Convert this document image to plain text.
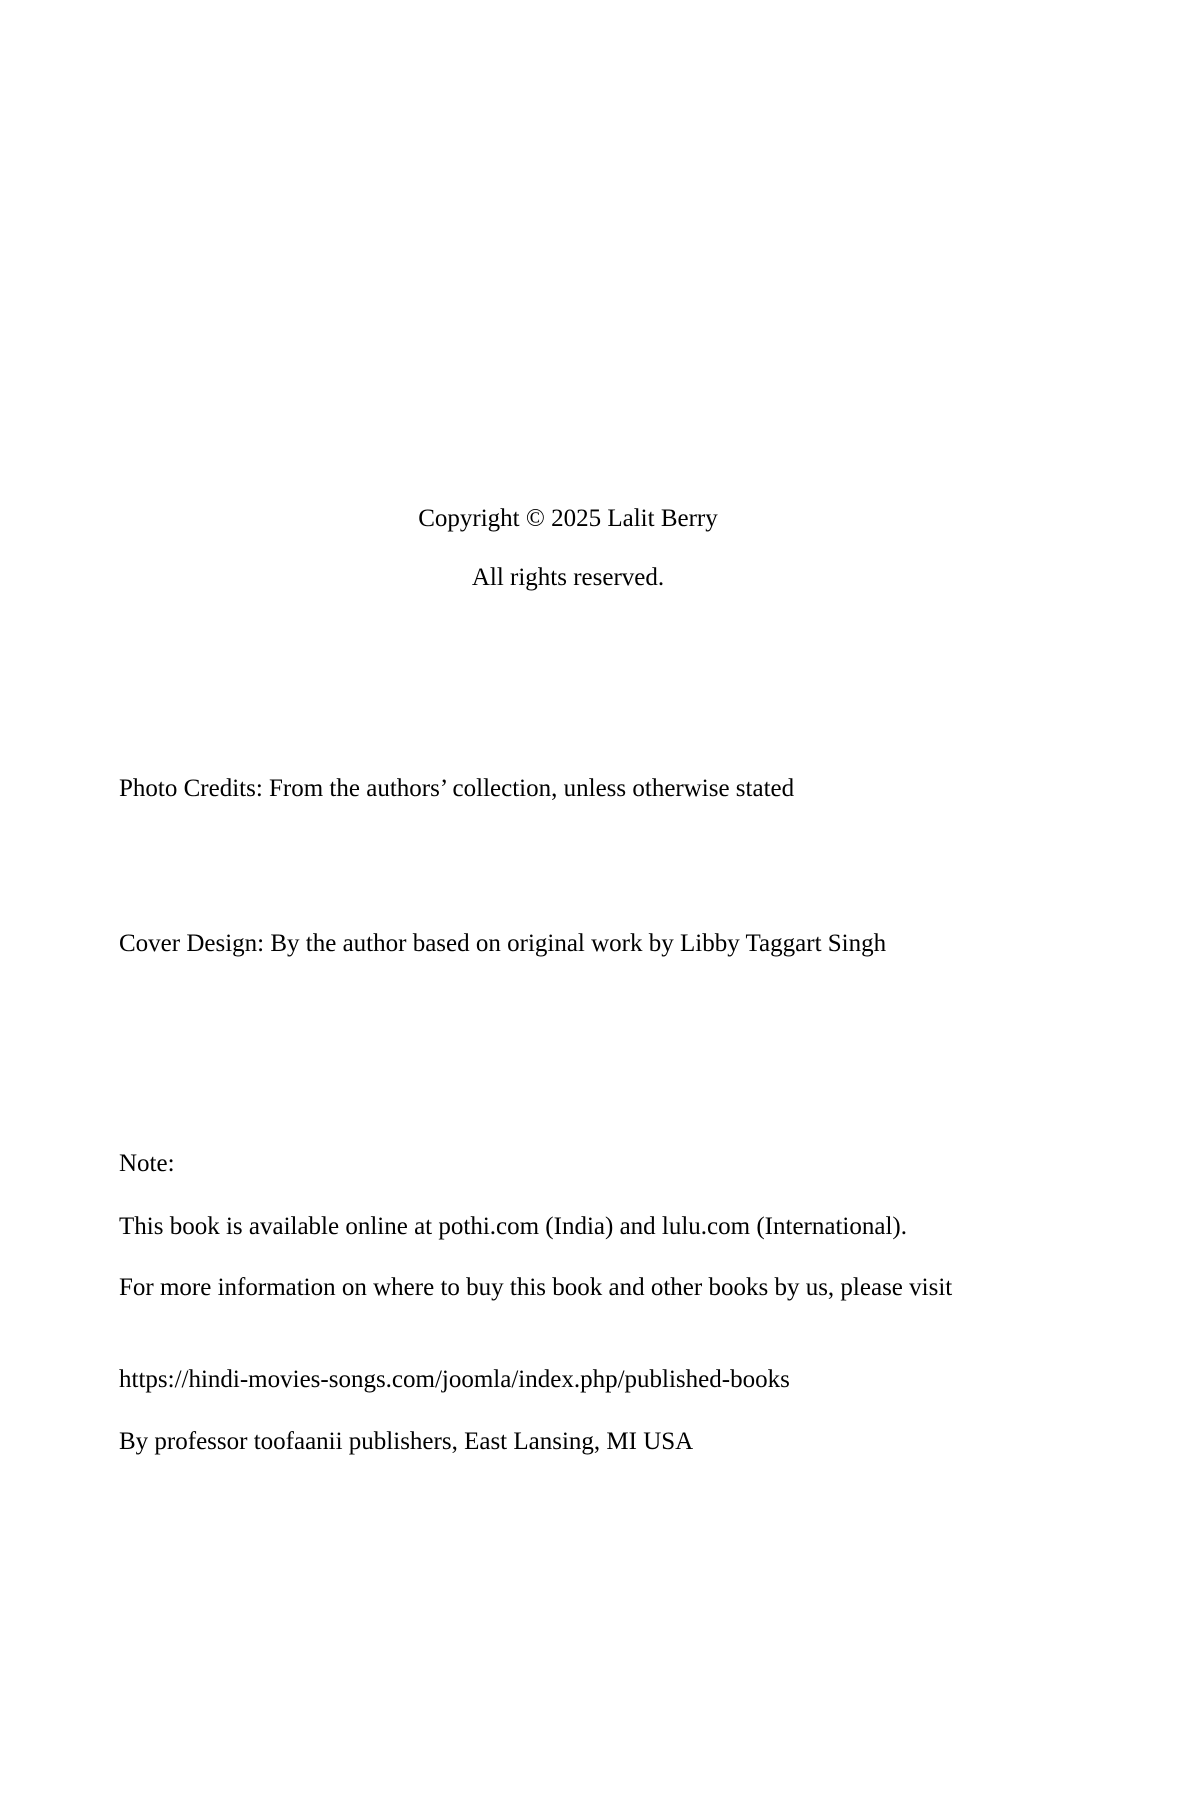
Copyright © 2025 Lalit Berry

All rights reserved.

Photo Credits: From the authors’ collection, unless otherwise stated

Cover Design: By the author based on original work by Libby Taggart Singh

Note:

This book is available online at pothi.com (India) and lulu.com (International).

For more information on where to buy this book and other books by us, please visit

https://hindi-movies-songs.com/joomla/index.php/published-books

By professor toofaanii publishers, East Lansing, MI USA
